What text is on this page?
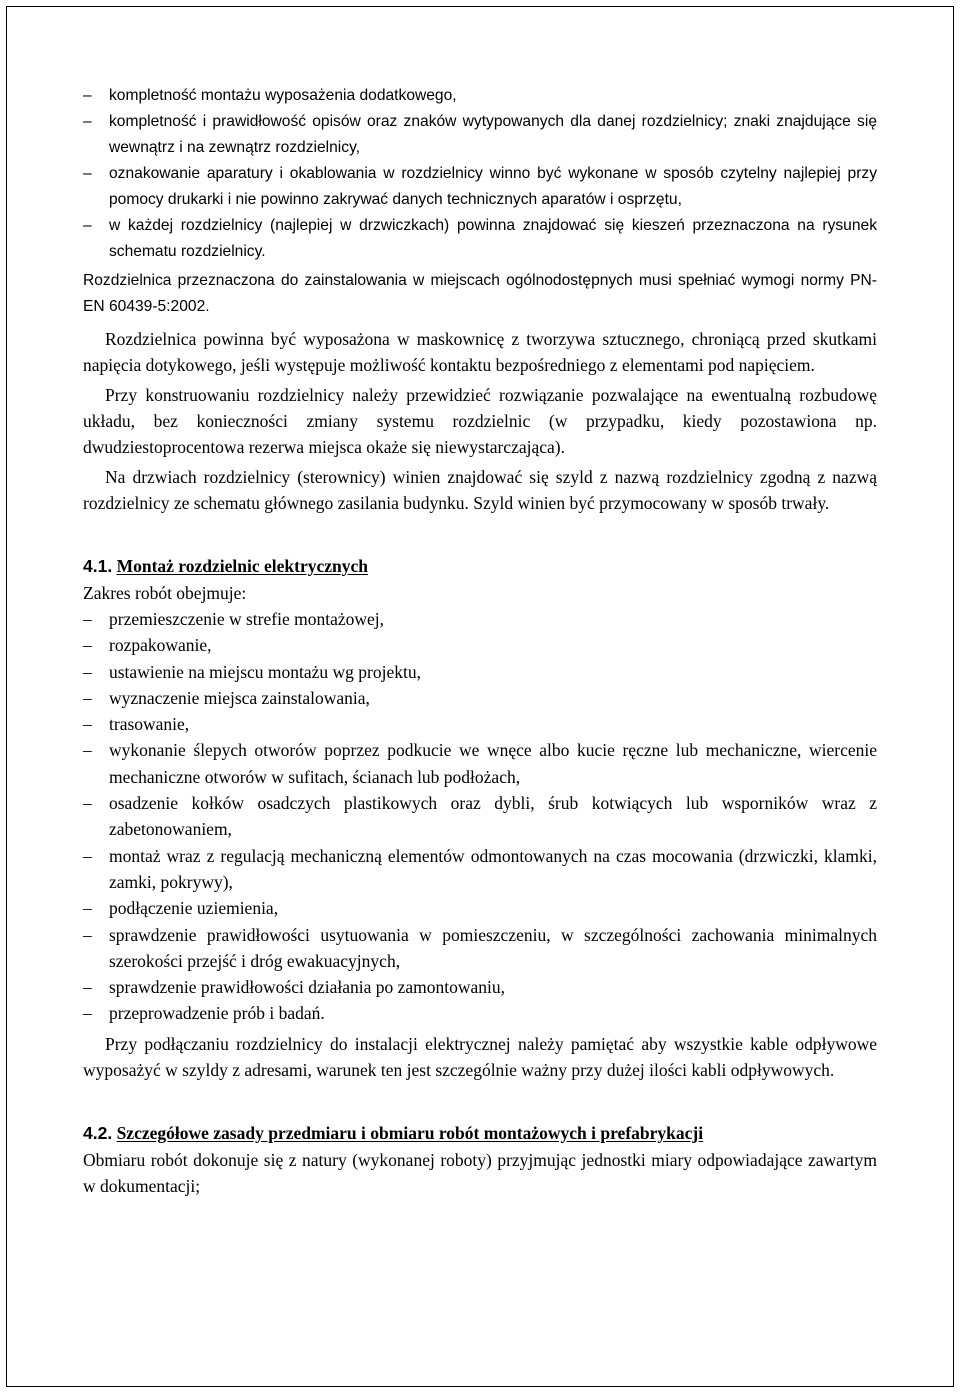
– kompletność montażu wyposażenia dodatkowego,
– kompletność i prawidłowość opisów oraz znaków wytypowanych dla danej rozdzielnicy; znaki znajdujące się wewnątrz i na zewnątrz rozdzielnicy,
– oznakowanie aparatury i okablowania w rozdzielnicy winno być wykonane w sposób czytelny najlepiej przy pomocy drukarki i nie powinno zakrywać danych technicznych aparatów i osprzętu,
– w każdej rozdzielnicy (najlepiej w drzwiczkach) powinna znajdować się kieszeń przeznaczona na rysunek schematu rozdzielnicy.

Rozdzielnica przeznaczona do zainstalowania w miejscach ogólnodostępnych musi spełniać wymogi normy PN-EN 60439-5:2002.

Rozdzielnica powinna być wyposażona w maskownicę z tworzywa sztucznego, chroniącą przed skutkami napięcia dotykowego, jeśli występuje możliwość kontaktu bezpośredniego z elementami pod napięciem.

Przy konstruowaniu rozdzielnicy należy przewidzieć rozwiązanie pozwalające na ewentualną rozbudowę układu, bez konieczności zmiany systemu rozdzielnic (w przypadku, kiedy pozostawiona np. dwudziestoprocentowa rezerwa miejsca okaże się niewystarczająca).

Na drzwiach rozdzielnicy (sterownicy) winien znajdować się szyld z nazwą rozdzielnicy zgodną z nazwą rozdzielnicy ze schematu głównego zasilania budynku. Szyld winien być przymocowany w sposób trwały.

4.1. Montaż rozdzielnic elektrycznych

Zakres robót obejmuje:

– przemieszczenie w strefie montażowej,
– rozpakowanie,
– ustawienie na miejscu montażu wg projektu,
– wyznaczenie miejsca zainstalowania,
– trasowanie,
– wykonanie ślepych otworów poprzez podkucie we wnęce albo kucie ręczne lub mechaniczne, wiercenie mechaniczne otworów w sufitach, ścianach lub podłożach,
– osadzenie kołków osadczych plastikowych oraz dybli, śrub kotwiących lub wsporników wraz z zabetonowaniem,
– montaż wraz z regulacją mechaniczną elementów odmontowanych na czas mocowania (drzwiczki, klamki, zamki, pokrywy),
– podłączenie uziemienia,
– sprawdzenie prawidłowości usytuowania w pomieszczeniu, w szczególności zachowania minimalnych szerokości przejść i dróg ewakuacyjnych,
– sprawdzenie prawidłowości działania po zamontowaniu,
– przeprowadzenie prób i badań.

Przy podłączaniu rozdzielnicy do instalacji elektrycznej należy pamiętać aby wszystkie kable odpływowe wyposażyć w szyldy z adresami, warunek ten jest szczególnie ważny przy dużej ilości kabli odpływowych.

4.2. Szczegółowe zasady przedmiaru i obmiaru robót montażowych i prefabrykacji

Obmiaru robót dokonuje się z natury (wykonanej roboty) przyjmując jednostki miary odpowiadające zawartym w dokumentacji;
